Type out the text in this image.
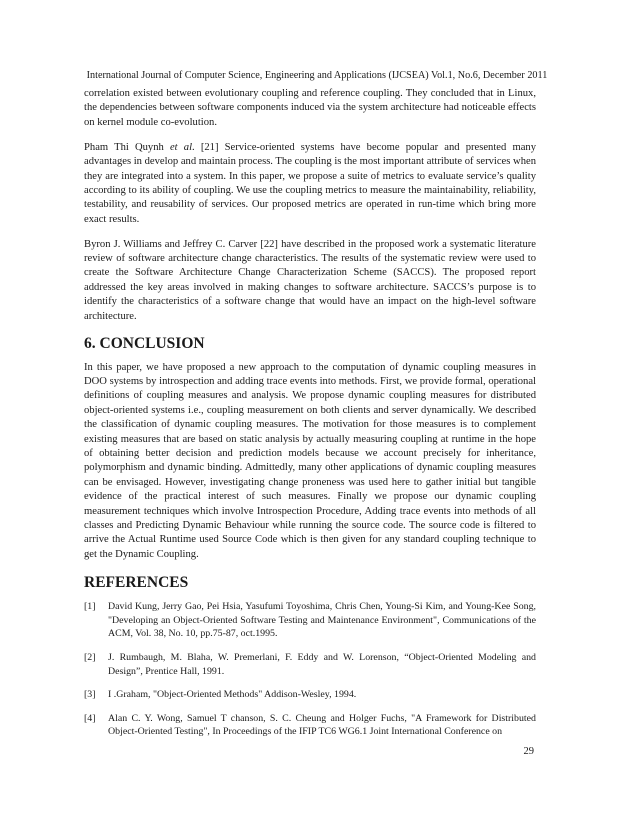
International Journal of Computer Science, Engineering and Applications (IJCSEA) Vol.1, No.6, December 2011

correlation existed between evolutionary coupling and reference coupling. They concluded that in Linux, the dependencies between software components induced via the system architecture had noticeable effects on kernel module co-evolution.

Pham Thi Quynh et al. [21] Service-oriented systems have become popular and presented many advantages in develop and maintain process. The coupling is the most important attribute of services when they are integrated into a system. In this paper, we propose a suite of metrics to evaluate service’s quality according to its ability of coupling. We use the coupling metrics to measure the maintainability, reliability, testability, and reusability of services. Our proposed metrics are operated in run-time which bring more exact results.

Byron J. Williams and Jeffrey C. Carver [22] have described in the proposed work a systematic literature review of software architecture change characteristics. The results of the systematic review were used to create the Software Architecture Change Characterization Scheme (SACCS). The proposed report addressed the key areas involved in making changes to software architecture. SACCS’s purpose is to identify the characteristics of a software change that would have an impact on the high-level software architecture.

6. CONCLUSION

In this paper, we have proposed a new approach to the computation of dynamic coupling measures in DOO systems by introspection and adding trace events into methods. First, we provide formal, operational definitions of coupling measures and analysis. We propose dynamic coupling measures for distributed object-oriented systems i.e., coupling measurement on both clients and server dynamically. We described the classification of dynamic coupling measures. The motivation for those measures is to complement existing measures that are based on static analysis by actually measuring coupling at runtime in the hope of obtaining better decision and prediction models because we account precisely for inheritance, polymorphism and dynamic binding. Admittedly, many other applications of dynamic coupling measures can be envisaged. However, investigating change proneness was used here to gather initial but tangible evidence of the practical interest of such measures. Finally we propose our dynamic coupling measurement techniques which involve Introspection Procedure, Adding trace events into methods of all classes and Predicting Dynamic Behaviour while running the source code. The source code is filtered to arrive the Actual Runtime used Source Code which is then given for any standard coupling technique to get the Dynamic Coupling.

REFERENCES
[1]	David Kung, Jerry Gao, Pei Hsia, Yasufumi Toyoshima, Chris Chen, Young-Si Kim, and Young-Kee Song, "Developing an Object-Oriented Software Testing and Maintenance Environment", Communications of the ACM, Vol. 38, No. 10, pp.75-87, oct.1995.
[2]	J. Rumbaugh, M. Blaha, W. Premerlani, F. Eddy and W. Lorenson, “Object-Oriented Modeling and Design”, Prentice Hall, 1991.
[3]	I .Graham, "Object-Oriented Methods" Addison-Wesley, 1994.
[4]	Alan C. Y. Wong, Samuel T chanson, S. C. Cheung and Holger Fuchs, "A Framework for Distributed Object-Oriented Testing", In Proceedings of the IFIP TC6 WG6.1 Joint International Conference on
29
